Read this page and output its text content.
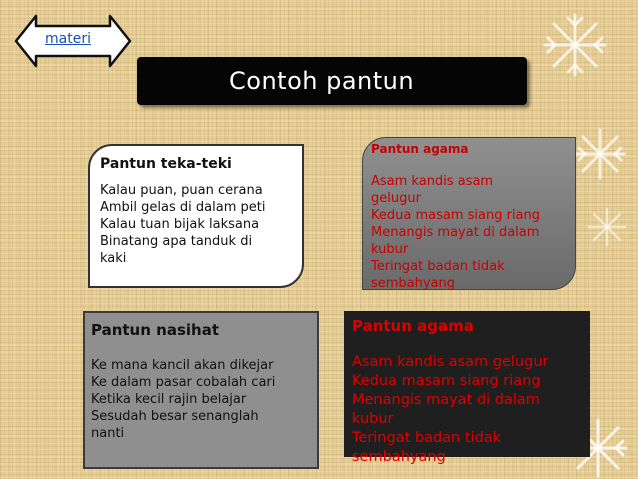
materi
Contoh pantun
Pantun teka-teki
Kalau puan, puan cerana
Ambil gelas di dalam peti
Kalau tuan bijak laksana
Binatang apa tanduk di
kaki
Pantun agama
Asam kandis asam
gelugur
Kedua masam siang riang
Menangis mayat di dalam
kubur
Teringat badan tidak
sembahyang
Pantun nasihat
Ke mana kancil akan dikejar
Ke dalam pasar cobalah cari
Ketika kecil rajin belajar
Sesudah besar senanglah
nanti
Pantun agama
Asam kandis asam gelugur
Kedua masam siang riang
Menangis mayat di dalam kubur
Teringat badan tidak
sembahyang
